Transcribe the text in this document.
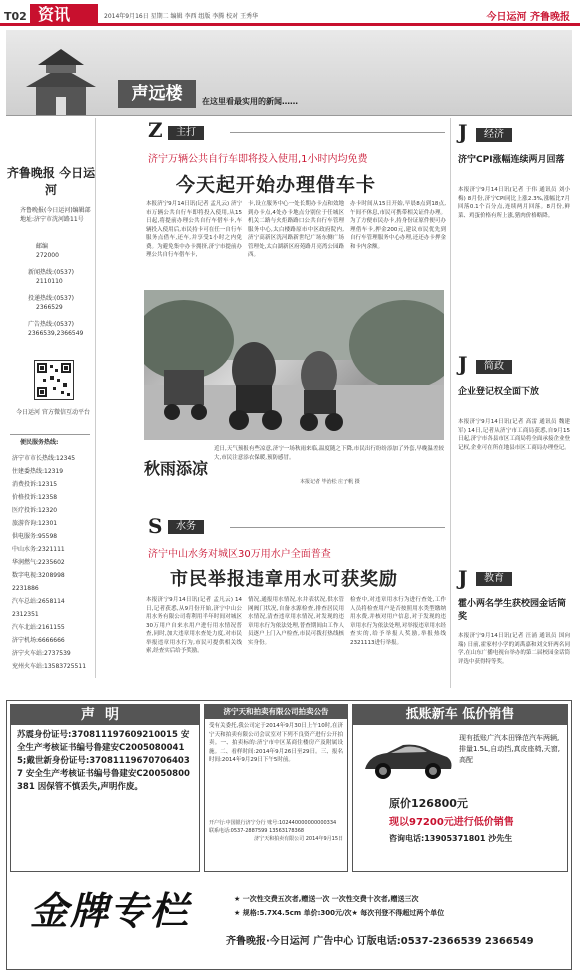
T02 资讯	2014年9月16日 星期二 编辑 李西 组版 李腾 校对 王秀华	今日运河 齐鲁晚报
声远楼	在这里看最实用的新闻……
齐鲁晚报 今日运河
齐鲁晚报(今日运河)编辑部地址:济宁市洸河路11号
邮编
272000
新闻热线:(0537)
2110110
投递热线:(0537)
2366529
广告热线:(0537)
2366539,2366549
今日运河 官方微信互动平台
便民服务热线:
济宁市市长热线:12345
住建委热线:12319
消费投诉:12315
价格投诉:12358
医疗投诉:12320
旅游咨询:12301
供电服务:95598
中山水务:2321111
华润燃气:2235602
数字电视:3208998
2231886
汽车总站:2658114
2312351
汽车北站:2161155
济宁机场:6666666
济宁火车站:2737539
兖州火车站:13583725511
Z	主打
济宁万辆公共自行车即将投入使用,1小时内均免费
今天起开始办理借车卡
本报济宁9月14日讯(记者 孟凡云) 济宁市万辆公共自行车即将投入使用,从15日起,将提前办理公共自行车借车卡,车辆投入使用后,市民持卡可在任一自行车服务点借车,还车,并享受1小时之内免费。为避免集中办卡拥挤,济宁市提前办理公共自行车借车卡,
卡,设立服务中心一处长期办卡点和效地到办卡点,4处办卡地点分别位于任城区机关二路与火炬路路口公共自行车管理服务中心,太白楼路原市中区政府院内,济宁高新区洸河路新世纪广场东侧广场管理处,太白湖新区府苑路月亮湾公园路西。
办卡时间从15日开始,早晨8点到18点,午间不休息,市民可携带相关证件办理。为了方便市民办卡,持身份证原件便可办理借车卡,押金200元,建议市民优先到自行车管理服务中心办理,还还办卡押金和卡内余额。
秋雨添凉
近日,天气预报有些凉意,济宁一场秋雨来临,温度随之下降,市民出行纷纷添加了外套,早晚温差较大,市民注意添衣保暖,预防感冒。
本报记者 毕治松 庄子帆 摄
S	水务
济宁中山水务对城区30万用水户全面普查
市民举报违章用水可获奖励
本报济宁9月14日讯(记者 孟凡云) 14日,记者获悉,从9月份开始,济宁中山公用水务有限公司将利用半年时间对城区30万用户自来水用户进行用水情况普查,同时,加大违章用水查处力度,对市民举报违章用水行为,市民可提供相关线索,经查实后给予奖励。
情况,通报用水情况,水井表状况,供水管网阀门状况,自备水源检查,排查居民用水情况,清查违章用水情况,对发现的违章用水行为依法处理,普查期间由工作人员逐户上门入户检查,市民可拨打热线核实身份。
检查中,对违章用水行为进行查处,工作人员将检查用户是否按照用水类型缴纳用水费,并核对用户信息,对于发现的违章用水行为依法处理,对举报违章用水经查实的,给予举报人奖励,举报热线2321113进行举报。
J	经济
济宁CPI涨幅连续两月回落
本报济宁9月14日讯(记者 于伟 通讯员 刘小梅) 8月份,济宁CPI同比上涨2.3%,涨幅比7月回落0.1个百分点,连续两月回落。8月份,鲜菜、鸡蛋价格有所上涨,猪肉价格略降。
J	简政
企业登记权全面下放
本报济宁9月14日讯(记者 高雷 通讯员 魏建军) 14日,记者从济宁市工商局获悉,自9月15日起,济宁市各县市区工商局将全面承接企业登记权,企业可在所在地县市区工商局办理登记。
J	教育
霍小两名学生获校园金话筒奖
本报济宁9月14日讯(记者 汪涌 通讯员 国向瑞) 日前,霍家村小学的刘禹嘉和刘文轩两名同学,在山东广播电视台举办的第二届校园金话筒评选中获得特等奖。
声明
苏震身份证号:370811197609210015 安全生产考核证书编号鲁建安C20050800415;戴世新身份证号:370811196707064037 安全生产考核证书编号鲁建安C20050800381 因保管不慎丢失,声明作废。
济宁天和拍卖有限公司拍卖公告
受有关委托,我公司定于2014年9月30日上午10时,在济宁天和拍卖有限公司会议室对下列不良资产进行公开拍卖。一、拍卖标的:济宁市中区某商住楼房产及附属设施。二、看样时间:2014年9月26日至29日。三、报名时间:2014年9月29日下午5时前。
开户行:中国银行济宁分行 账号:102440000000000334
联系电话:0537-2887599 13563178368
济宁天和拍卖有限公司 2014年9月15日
抵账新车 低价销售
现有抵账广汽本田锋范汽车两辆,排量1.5L,自动挡,真皮座椅,天窗,高配
原价126800元
现以97200元进行低价销售
咨询电话:13905371801 沙先生
金牌专栏	★ 一次性交费五次者,赠送一次 一次性交费十次者,赠送三次
★ 规格:5.7X4.5cm 单价:300元/次★ 每次刊登不得超过两个单位
齐鲁晚报·今日运河 广告中心 订版电话:0537-2366539 2366549
